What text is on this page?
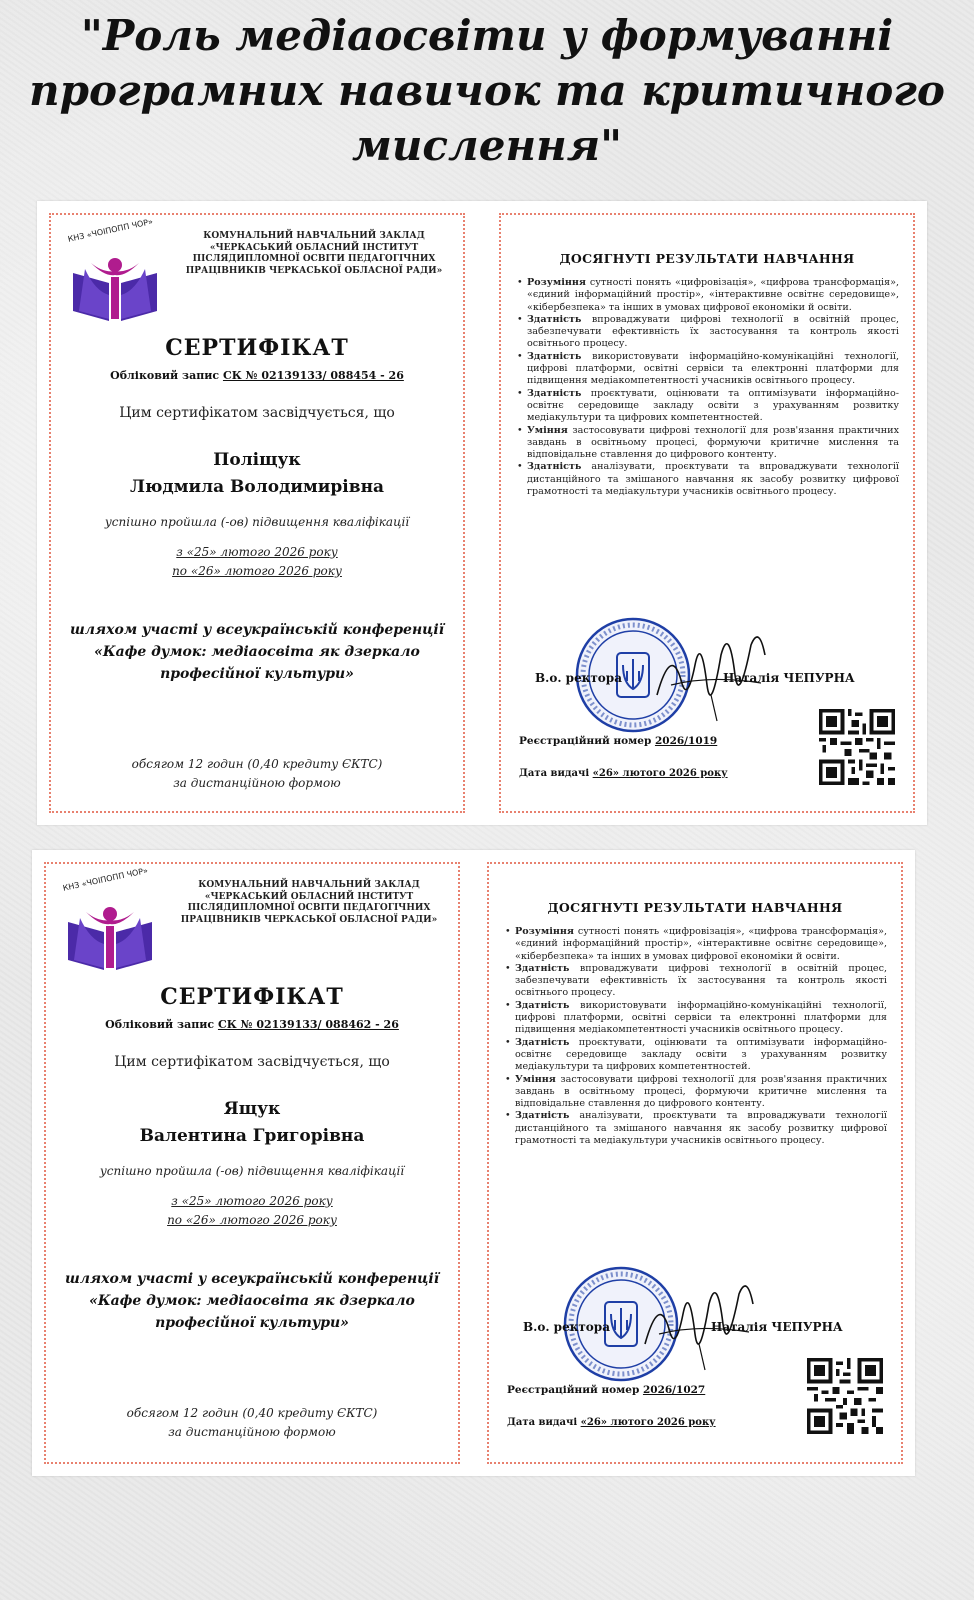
"Роль медіаосвіти у формуванні програмних навичок та критичного мислення"
КНЗ «ЧОІПОПП ЧОР»	КОМУНАЛЬНИЙ НАВЧАЛЬНИЙ ЗАКЛАД «ЧЕРКАСЬКИЙ ОБЛАСНИЙ ІНСТИТУТ ПІСЛЯДИПЛОМНОЇ ОСВІТИ ПЕДАГОГІЧНИХ ПРАЦІВНИКІВ ЧЕРКАСЬКОЇ ОБЛАСНОЇ РАДИ»
СЕРТИФІКАТ
Обліковий запис СК № 02139133/ 088454 - 26
Цим сертифікатом засвідчується, що
Поліщук
Людмила Володимирівна
успішно пройшла (-ов) підвищення кваліфікації
з «25» лютого 2026 року
по «26» лютого 2026 року
шляхом участі у всеукраїнській конференції
«Кафе думок: медіаосвіта як дзеркало
професійної культури»
обсягом 12 годин (0,40 кредиту ЄКТС)
за дистанційною формою
ДОСЯГНУТІ РЕЗУЛЬТАТИ НАВЧАННЯ
• Розуміння сутності понять «цифровізація», «цифрова трансформація», «єдиний інформаційний простір», «інтерактивне освітнє середовище», «кібербезпека» та інших в умовах цифрової економіки й освіти.
• Здатність впроваджувати цифрові технології в освітній процес, забезпечувати ефективність їх застосування та контроль якості освітнього процесу.
• Здатність використовувати інформаційно-комунікаційні технології, цифрові платформи, освітні сервіси та електронні платформи для підвищення медіакомпетентності учасників освітнього процесу.
• Здатність проєктувати, оцінювати та оптимізувати інформаційно-освітнє середовище закладу освіти з урахуванням розвитку медіакультури та цифрових компетентностей.
• Уміння застосовувати цифрові технології для розв'язання практичних завдань в освітньому процесі, формуючи критичне мислення та відповідальне ставлення до цифрового контенту.
• Здатність аналізувати, проєктувати та впроваджувати технології дистанційного та змішаного навчання як засобу розвитку цифрової грамотності та медіакультури учасників освітнього процесу.
В.о. ректора	Наталія ЧЕПУРНА
Реєстраційний номер 2026/1019
Дата видачі «26» лютого 2026 року
КНЗ «ЧОІПОПП ЧОР»	КОМУНАЛЬНИЙ НАВЧАЛЬНИЙ ЗАКЛАД «ЧЕРКАСЬКИЙ ОБЛАСНИЙ ІНСТИТУТ ПІСЛЯДИПЛОМНОЇ ОСВІТИ ПЕДАГОГІЧНИХ ПРАЦІВНИКІВ ЧЕРКАСЬКОЇ ОБЛАСНОЇ РАДИ»
СЕРТИФІКАТ
Обліковий запис СК № 02139133/ 088462 - 26
Цим сертифікатом засвідчується, що
Ящук
Валентина Григорівна
успішно пройшла (-ов) підвищення кваліфікації
з «25» лютого 2026 року
по «26» лютого 2026 року
шляхом участі у всеукраїнській конференції
«Кафе думок: медіаосвіта як дзеркало
професійної культури»
обсягом 12 годин (0,40 кредиту ЄКТС)
за дистанційною формою
ДОСЯГНУТІ РЕЗУЛЬТАТИ НАВЧАННЯ
• Розуміння сутності понять «цифровізація», «цифрова трансформація», «єдиний інформаційний простір», «інтерактивне освітнє середовище», «кібербезпека» та інших в умовах цифрової економіки й освіти.
• Здатність впроваджувати цифрові технології в освітній процес, забезпечувати ефективність їх застосування та контроль якості освітнього процесу.
• Здатність використовувати інформаційно-комунікаційні технології, цифрові платформи, освітні сервіси та електронні платформи для підвищення медіакомпетентності учасників освітнього процесу.
• Здатність проєктувати, оцінювати та оптимізувати інформаційно-освітнє середовище закладу освіти з урахуванням розвитку медіакультури та цифрових компетентностей.
• Уміння застосовувати цифрові технології для розв'язання практичних завдань в освітньому процесі, формуючи критичне мислення та відповідальне ставлення до цифрового контенту.
• Здатність аналізувати, проєктувати та впроваджувати технології дистанційного та змішаного навчання як засобу розвитку цифрової грамотності та медіакультури учасників освітнього процесу.
В.о. ректора	Наталія ЧЕПУРНА
Реєстраційний номер 2026/1027
Дата видачі «26» лютого 2026 року
